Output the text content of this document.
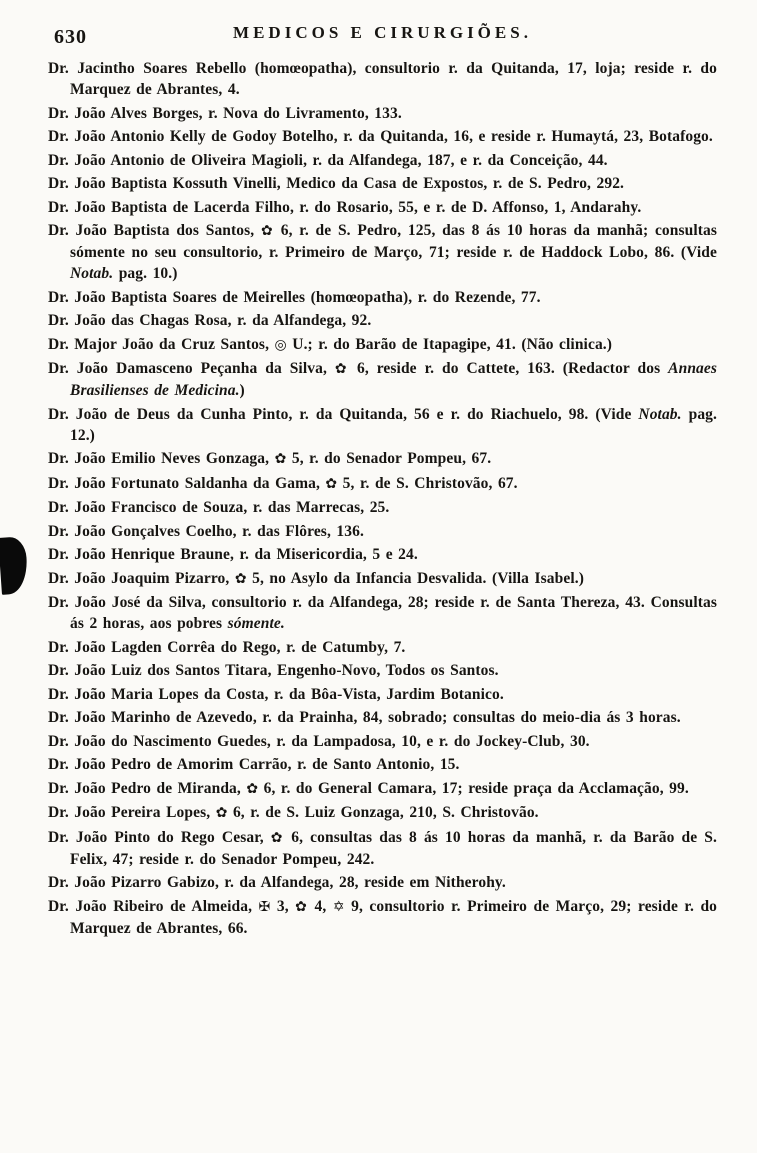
630	MEDICOS E CIRURGIÕES.

Dr. Jacintho Soares Rebello (homœopatha), consultorio r. da Quitanda, 17, loja; reside r. do Marquez de Abrantes, 4.

Dr. João Alves Borges, r. Nova do Livramento, 133.

Dr. João Antonio Kelly de Godoy Botelho, r. da Quitanda, 16, e reside r. Humaytá, 23, Botafogo.

Dr. João Antonio de Oliveira Magioli, r. da Alfandega, 187, e r. da Conceição, 44.

Dr. João Baptista Kossuth Vinelli, Medico da Casa de Expostos, r. de S. Pedro, 292.

Dr. João Baptista de Lacerda Filho, r. do Rosario, 55, e r. de D. Affonso, 1, Andarahy.

Dr. João Baptista dos Santos, ✿ 6, r. de S. Pedro, 125, das 8 ás 10 horas da manhã; consultas sómente no seu consultorio, r. Primeiro de Março, 71; reside r. de Haddock Lobo, 86. (Vide Notab. pag. 10.)

Dr. João Baptista Soares de Meirelles (homœopatha), r. do Rezende, 77.

Dr. João das Chagas Rosa, r. da Alfandega, 92.

Dr. Major João da Cruz Santos, ◎ U.; r. do Barão de Itapagipe, 41. (Não clinica.)

Dr. João Damasceno Peçanha da Silva, ✿ 6, reside r. do Cattete, 163. (Redactor dos Annaes Brasilienses de Medicina.)

Dr. João de Deus da Cunha Pinto, r. da Quitanda, 56 e r. do Riachuelo, 98. (Vide Notab. pag. 12.)

Dr. João Emilio Neves Gonzaga, ✿ 5, r. do Senador Pompeu, 67.

Dr. João Fortunato Saldanha da Gama, ✿ 5, r. de S. Christovão, 67.

Dr. João Francisco de Souza, r. das Marrecas, 25.

Dr. João Gonçalves Coelho, r. das Flôres, 136.

Dr. João Henrique Braune, r. da Misericordia, 5 e 24.

Dr. João Joaquim Pizarro, ✿ 5, no Asylo da Infancia Desvalida. (Villa Isabel.)

Dr. João José da Silva, consultorio r. da Alfandega, 28; reside r. de Santa Thereza, 43. Consultas ás 2 horas, aos pobres sómente.

Dr. João Lagden Corrêa do Rego, r. de Catumby, 7.

Dr. João Luiz dos Santos Titara, Engenho-Novo, Todos os Santos.

Dr. João Maria Lopes da Costa, r. da Bôa-Vista, Jardim Botanico.

Dr. João Marinho de Azevedo, r. da Prainha, 84, sobrado; consultas do meio-dia ás 3 horas.

Dr. João do Nascimento Guedes, r. da Lampadosa, 10, e r. do Jockey-Club, 30.

Dr. João Pedro de Amorim Carrão, r. de Santo Antonio, 15.

Dr. João Pedro de Miranda, ✿ 6, r. do General Camara, 17; reside praça da Acclamação, 99.

Dr. João Pereira Lopes, ✿ 6, r. de S. Luiz Gonzaga, 210, S. Christovão.

Dr. João Pinto do Rego Cesar, ✿ 6, consultas das 8 ás 10 horas da manhã, r. da Barão de S. Felix, 47; reside r. do Senador Pompeu, 242.

Dr. João Pizarro Gabizo, r. da Alfandega, 28, reside em Nitherohy.

Dr. João Ribeiro de Almeida, ✠ 3, ✿ 4, ✡ 9, consultorio r. Primeiro de Março, 29; reside r. do Marquez de Abrantes, 66.
